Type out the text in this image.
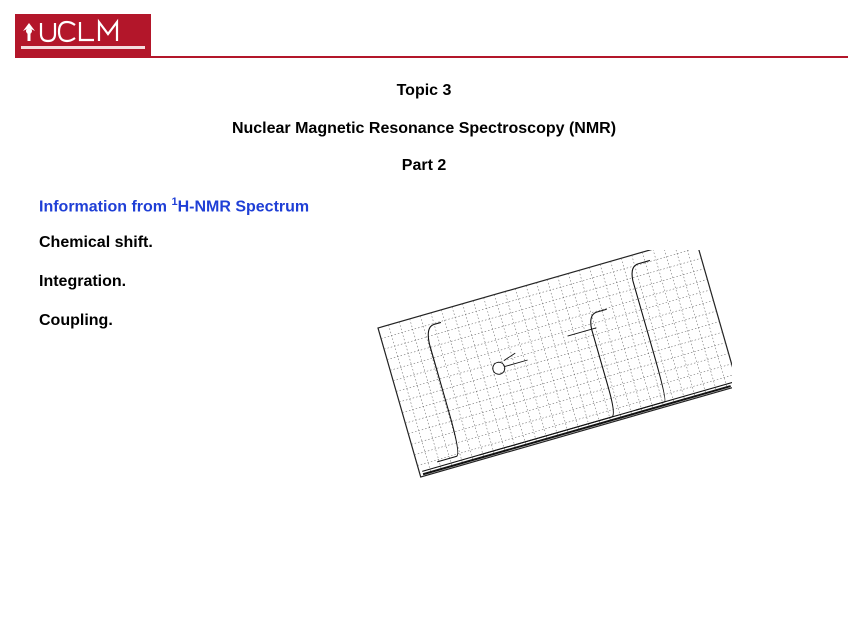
Topic 3
Nuclear Magnetic Resonance Spectroscopy (NMR)
Part 2
Information from $^1$H-NMR Spectrum
Chemical shift.
Integration.
Coupling.
